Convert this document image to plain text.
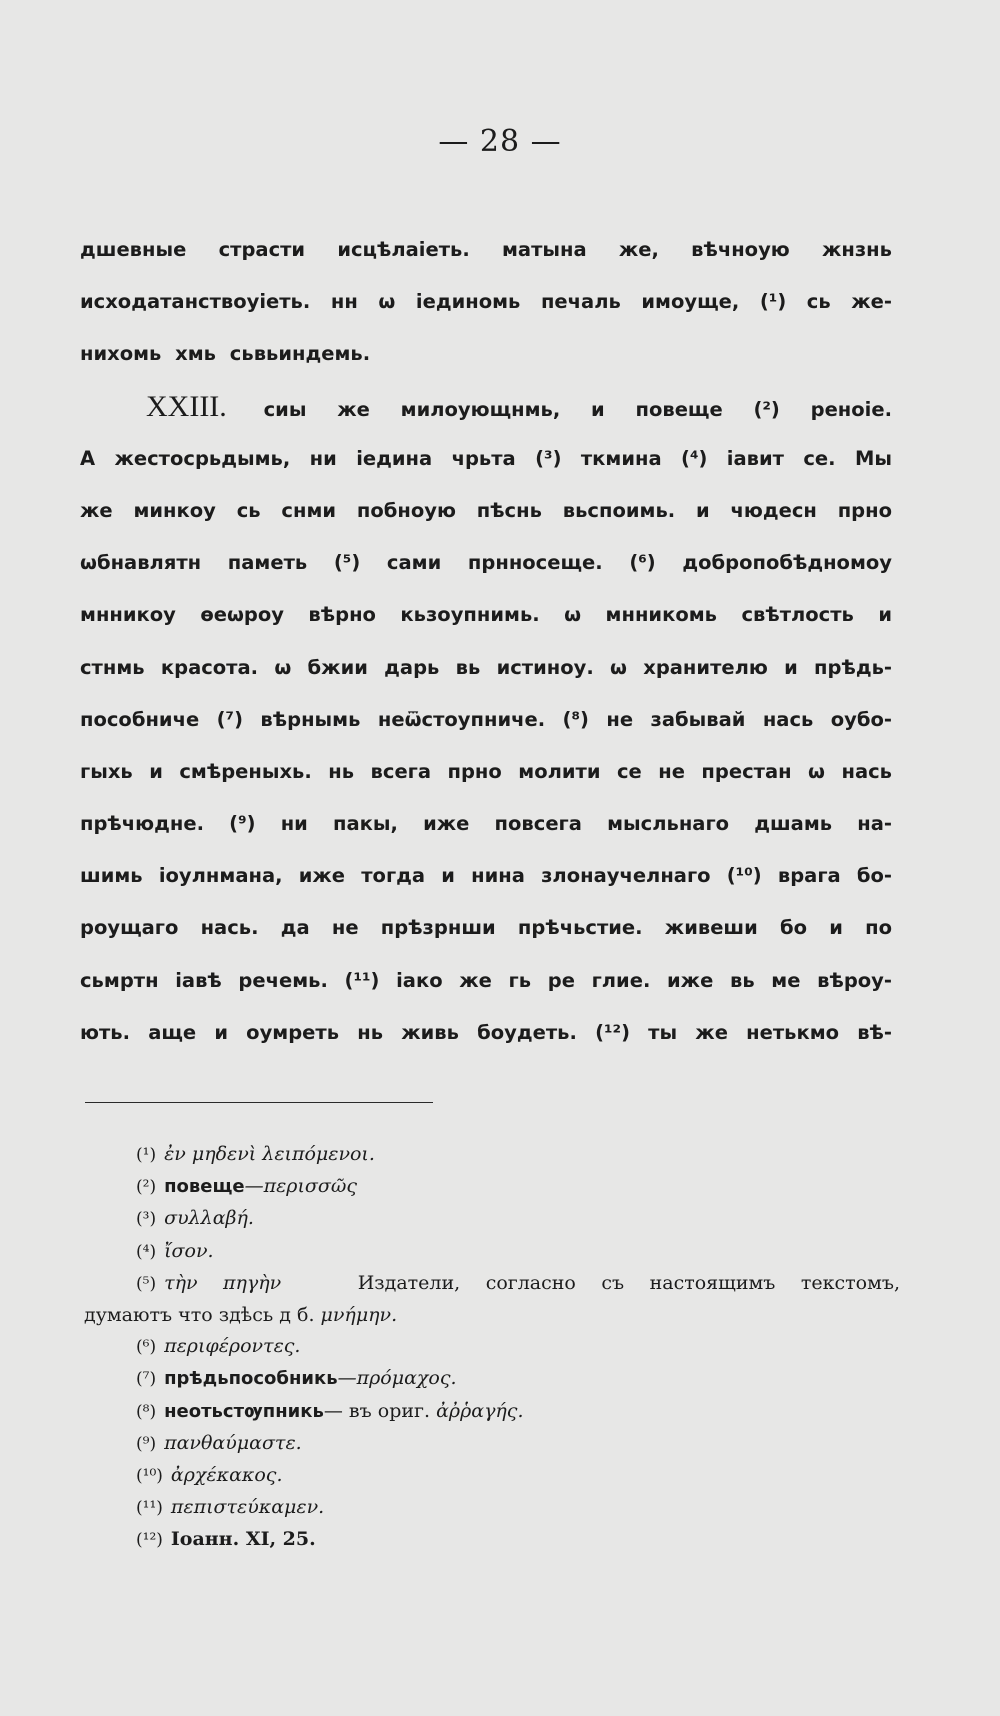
— 28 —
дшевные страсти исцѣлаіеть. матына же, вѣчноую жнзнь
исходатанствоуіеть. нн ѡ іединомь печаль имоуще, (¹) сь же-
нихомь хмь сьвьиндемь.
XXIII. сиы же милоующнмь, и повеще (²) реноіе.
А жестосрьдымь, ни іедина чрьта (³) ткмина (⁴) іавит се. Мы
же минкоу сь снми побноую пѣснь вьспоимь. и чюдесн прно
ѡбнавлятн паметь (⁵) сами прнносеще. (⁶) добропобѣдномоу
мнникоу ѳеѡроу вѣрно кьзоупнимь. ѡ мнникомь свѣтлость и
стнмь красота. ѡ бжии дарь вь истиноу. ѡ хранителю и прѣдь-
пособниче (⁷) вѣрнымь неѿстоупниче. (⁸) не забывай нась оубо-
гыхь и смѣреныхь. нь всега прно молити се не престан ѡ нась
прѣчюдне. (⁹) ни пакы, иже повсега мысльнаго дшамь на-
шимь іоулнмана, иже тогда и нина злонаучелнаго (¹⁰) врага бо-
роущаго нась. да не прѣзрнши прѣчьстие. живеши бо и по
сьмртн іавѣ речемь. (¹¹) іако же гь ре глие. иже вь ме вѣроу-
ють. аще и оумреть нь живь боудеть. (¹²) ты же нетькмо вѣ-
(¹) ἐν μηδενὶ λειπόμενοι.
(²) повеще—περισσῶς
(³) συλλαβή.
(⁴) ἴσον.
(⁵) τὴν πηγὴν	Издатели, согласно съ настоящимъ текстомъ,
думаютъ что здѣсь д б. μνήμην.
(⁶) περιφέροντες.
(⁷) прѣдьпособникь—πρόμαχος.
(⁸) неотьстѹпникь— въ ориг. ἀῤῥαγής.
(⁹) πανθαύμαστε.
(¹⁰) ἀρχέκακος.
(¹¹) πεπιστεύκαμεν.
(¹²) Іоанн. XI, 25.
